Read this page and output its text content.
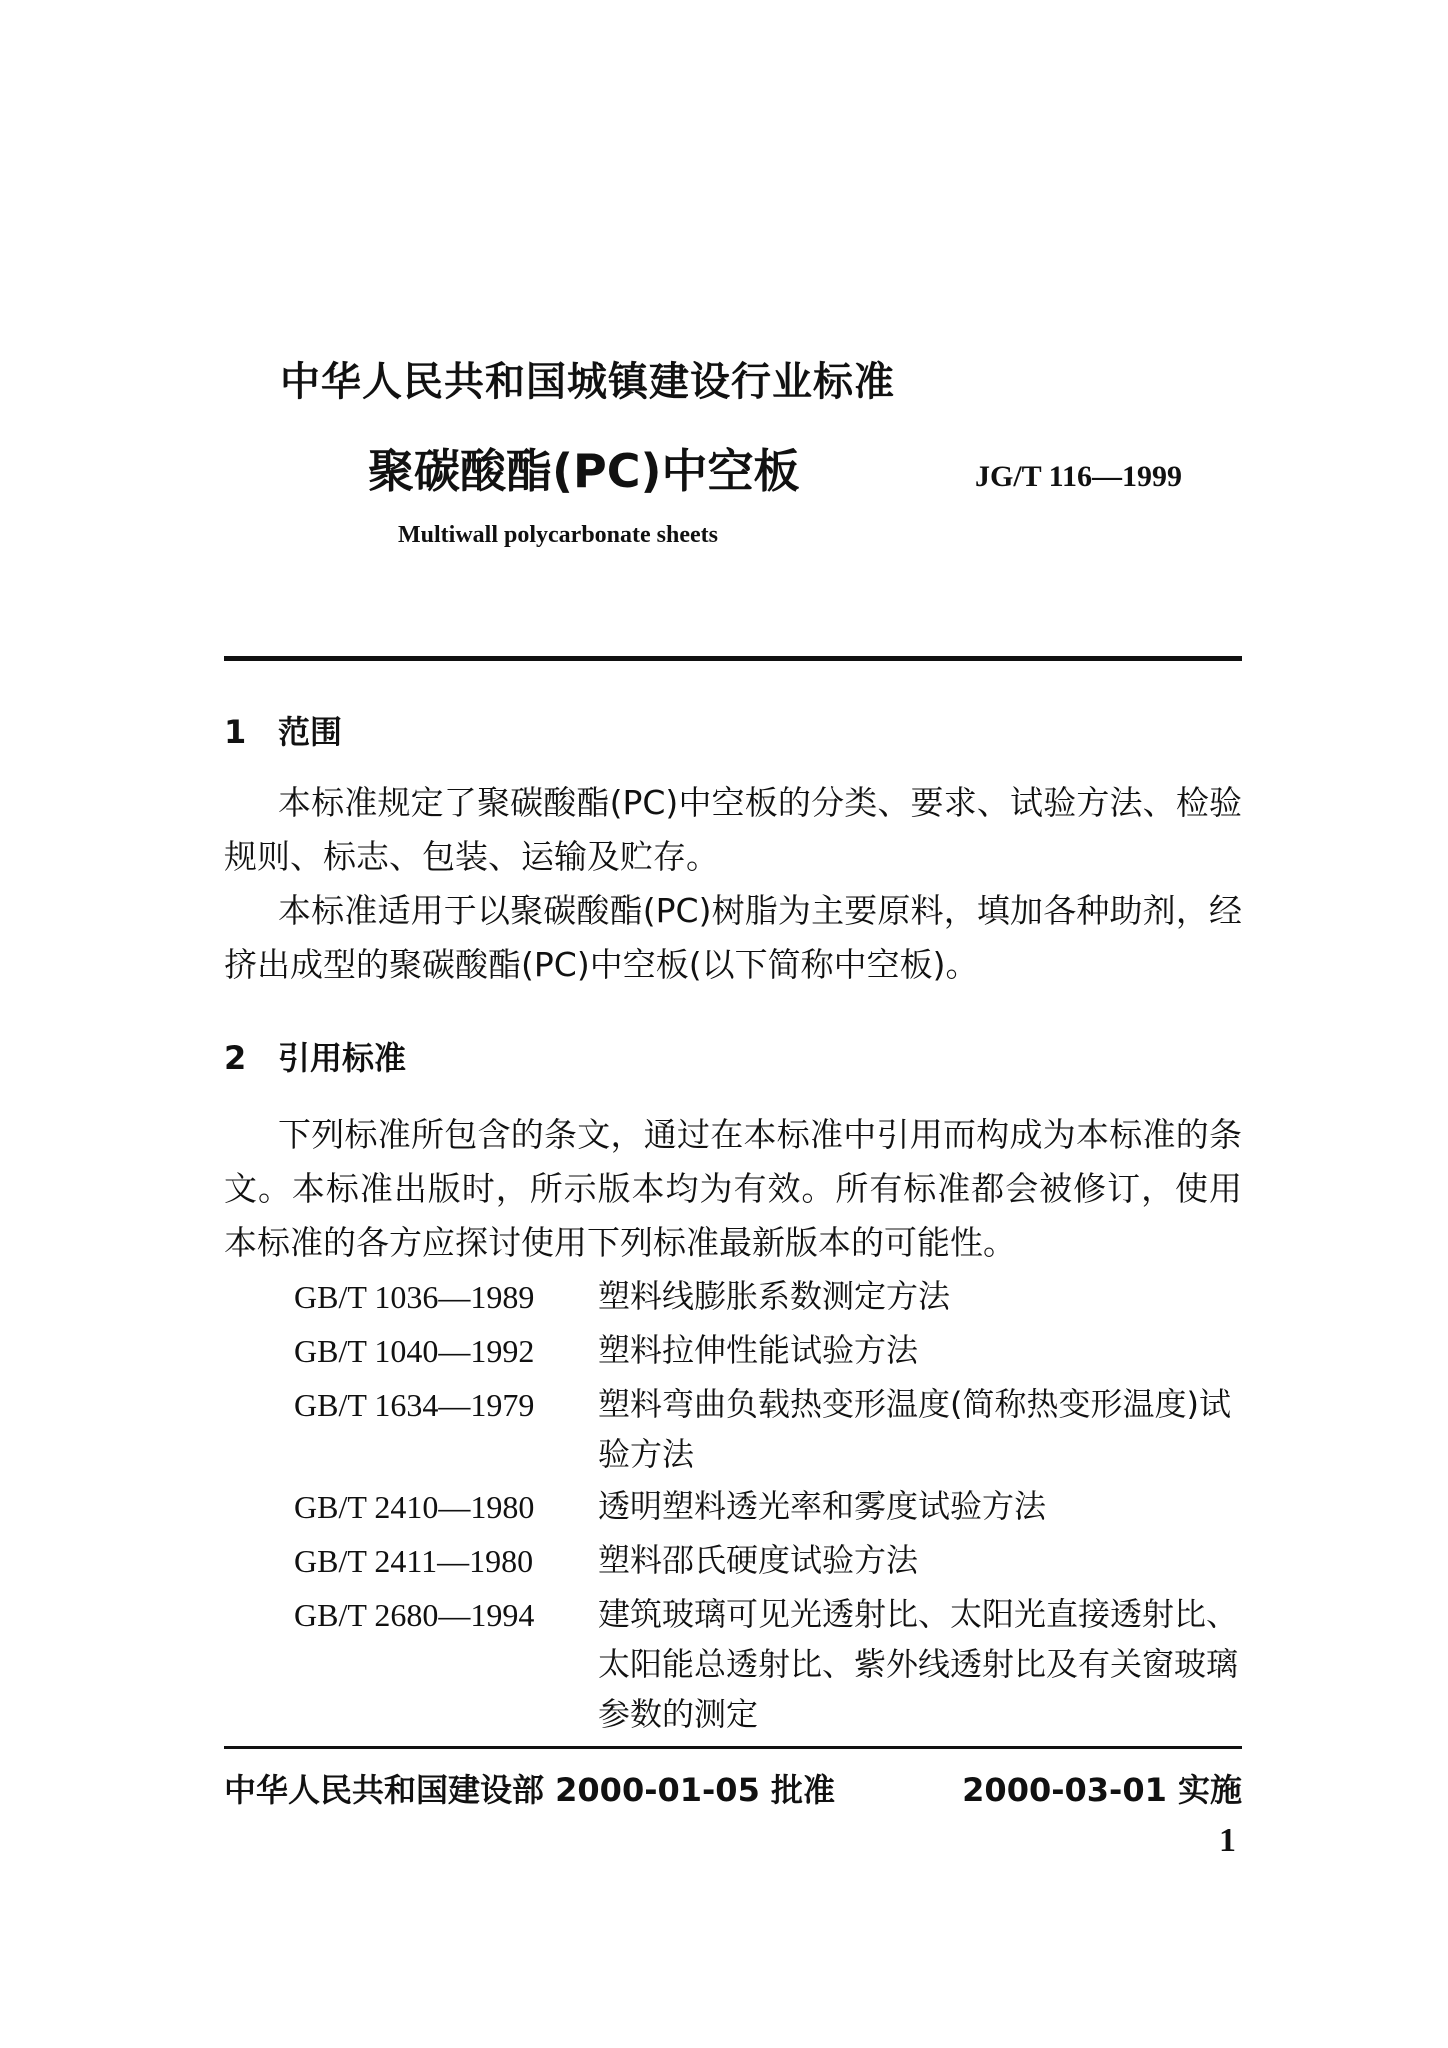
中华人民共和国城镇建设行业标准
聚碳酸酯(PC)中空板	JG/T 116—1999
Multiwall polycarbonate sheets
1 范围

本标准规定了聚碳酸酯(PC)中空板的分类、要求、试验方法、检验规则、标志、包装、运输及贮存。

本标准适用于以聚碳酸酯(PC)树脂为主要原料，填加各种助剂，经挤出成型的聚碳酸酯(PC)中空板(以下简称中空板)。

2 引用标准

下列标准所包含的条文，通过在本标准中引用而构成为本标准的条文。本标准出版时，所示版本均为有效。所有标准都会被修订，使用本标准的各方应探讨使用下列标准最新版本的可能性。

GB/T 1036—1989	塑料线膨胀系数测定方法
GB/T 1040—1992	塑料拉伸性能试验方法
GB/T 1634—1979	塑料弯曲负载热变形温度(简称热变形温度)试验方法
GB/T 2410—1980	透明塑料透光率和雾度试验方法
GB/T 2411—1980	塑料邵氏硬度试验方法
GB/T 2680—1994	建筑玻璃可见光透射比、太阳光直接透射比、太阳能总透射比、紫外线透射比及有关窗玻璃参数的测定
中华人民共和国建设部 2000-01-05 批准	2000-03-01 实施
1
